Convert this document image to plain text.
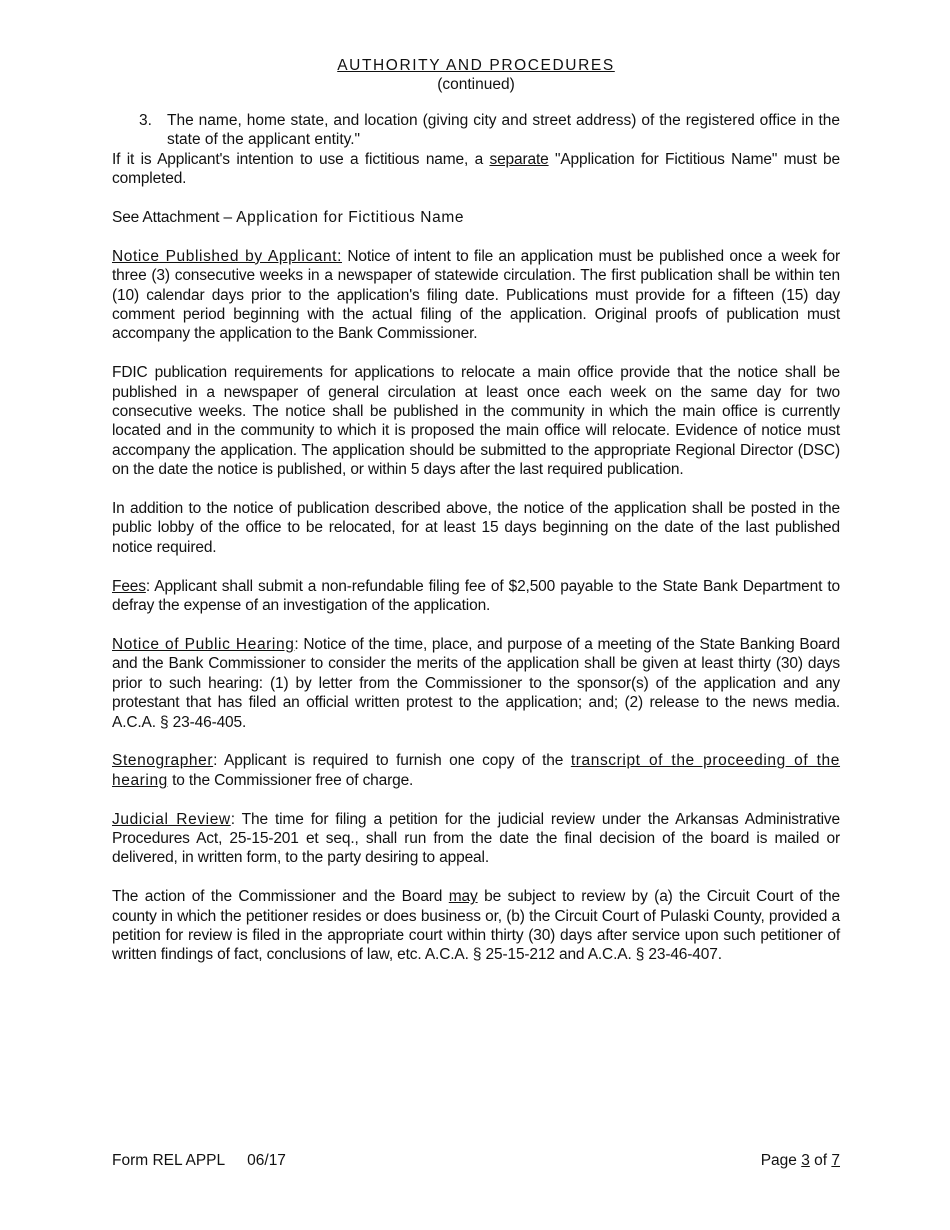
AUTHORITY AND PROCEDURES
(continued)
3. The name, home state, and location (giving city and street address) of the registered office in the state of the applicant entity."

If it is Applicant's intention to use a fictitious name, a separate "Application for Fictitious Name" must be completed.

See Attachment – Application for Fictitious Name

Notice Published by Applicant: Notice of intent to file an application must be published once a week for three (3) consecutive weeks in a newspaper of statewide circulation. The first publication shall be within ten (10) calendar days prior to the application's filing date. Publications must provide for a fifteen (15) day comment period beginning with the actual filing of the application. Original proofs of publication must accompany the application to the Bank Commissioner.

FDIC publication requirements for applications to relocate a main office provide that the notice shall be published in a newspaper of general circulation at least once each week on the same day for two consecutive weeks. The notice shall be published in the community in which the main office is currently located and in the community to which it is proposed the main office will relocate. Evidence of notice must accompany the application. The application should be submitted to the appropriate Regional Director (DSC) on the date the notice is published, or within 5 days after the last required publication.

In addition to the notice of publication described above, the notice of the application shall be posted in the public lobby of the office to be relocated, for at least 15 days beginning on the date of the last published notice required.

Fees: Applicant shall submit a non-refundable filing fee of $2,500 payable to the State Bank Department to defray the expense of an investigation of the application.

Notice of Public Hearing: Notice of the time, place, and purpose of a meeting of the State Banking Board and the Bank Commissioner to consider the merits of the application shall be given at least thirty (30) days prior to such hearing: (1) by letter from the Commissioner to the sponsor(s) of the application and any protestant that has filed an official written protest to the application; and; (2) release to the news media. A.C.A. § 23-46-405.

Stenographer: Applicant is required to furnish one copy of the transcript of the proceeding of the hearing to the Commissioner free of charge.

Judicial Review: The time for filing a petition for the judicial review under the Arkansas Administrative Procedures Act, 25-15-201 et seq., shall run from the date the final decision of the board is mailed or delivered, in written form, to the party desiring to appeal.

The action of the Commissioner and the Board may be subject to review by (a) the Circuit Court of the county in which the petitioner resides or does business or, (b) the Circuit Court of Pulaski County, provided a petition for review is filed in the appropriate court within thirty (30) days after service upon such petitioner of written findings of fact, conclusions of law, etc. A.C.A. § 25-15-212 and A.C.A. § 23-46-407.

Form REL APPL 06/17	Page 3 of 7
